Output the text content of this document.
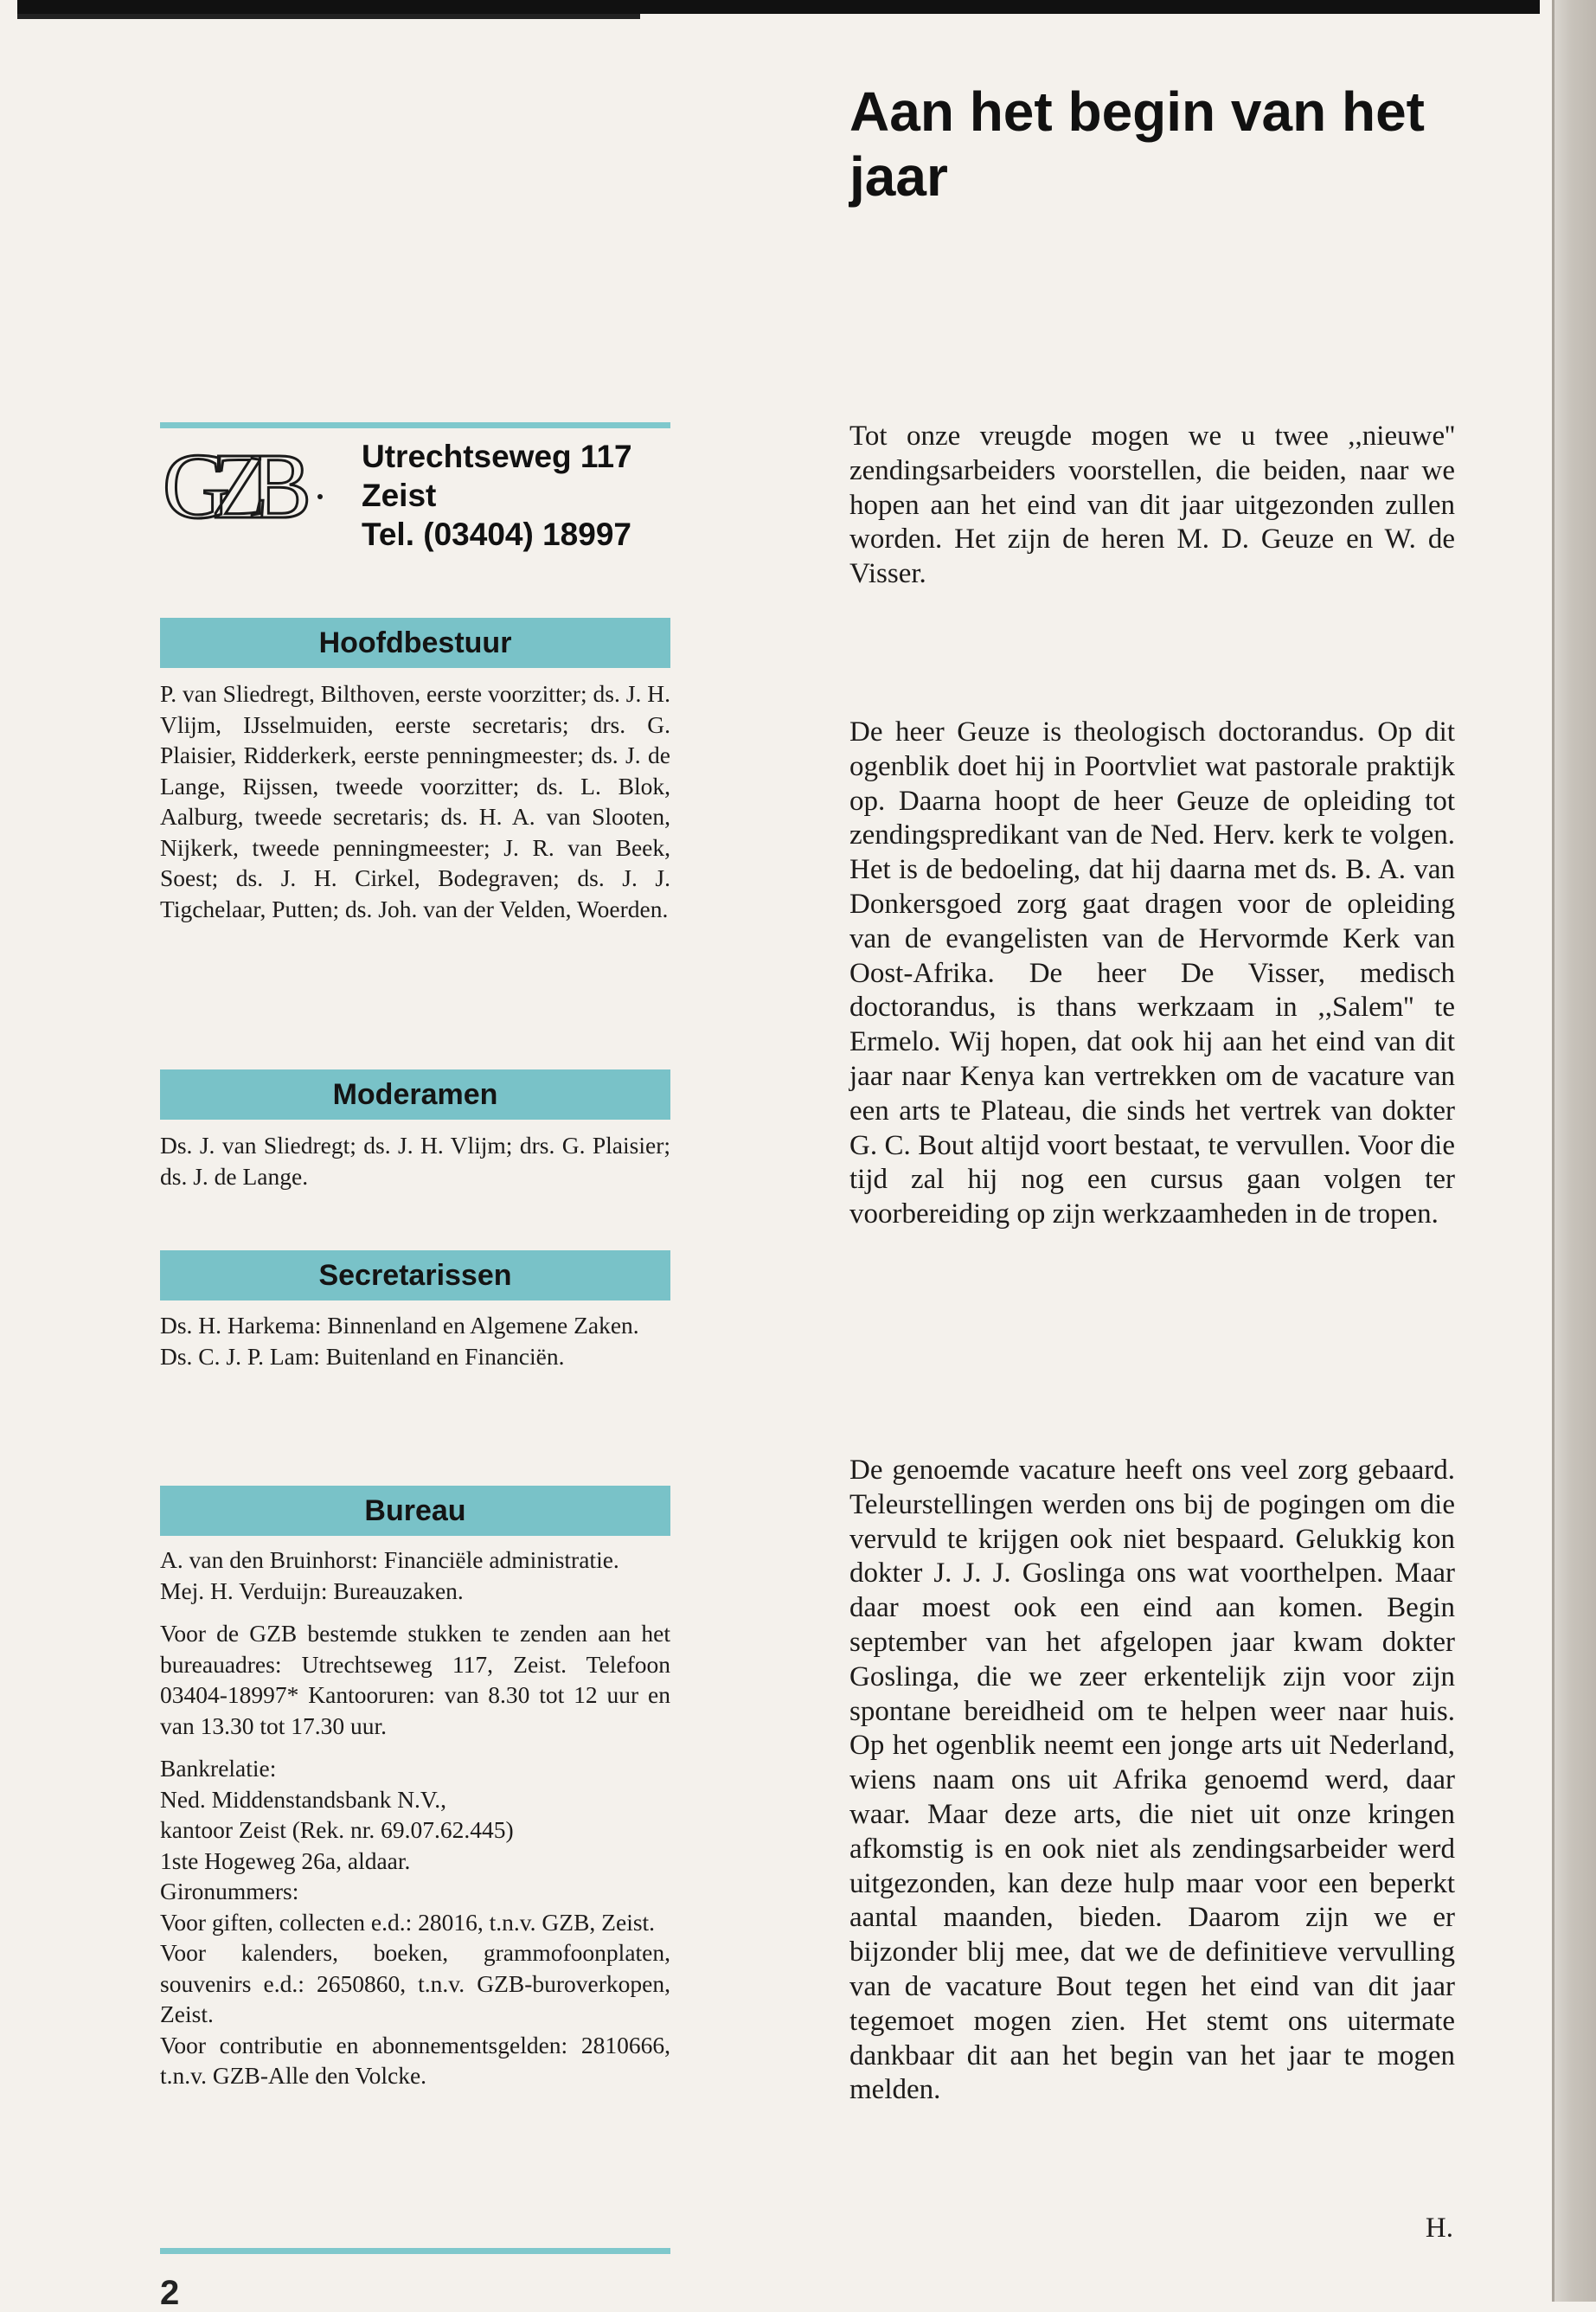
Aan het begin van het jaar
GZB	Utrechtseweg 117
Zeist
Tel. (03404) 18997
Hoofdbestuur

P. van Sliedregt, Bilthoven, eerste voorzitter; ds. J. H. Vlijm, IJsselmuiden, eerste secretaris; drs. G. Plaisier, Ridderkerk, eerste penningmeester; ds. J. de Lange, Rijssen, tweede voorzitter; ds. L. Blok, Aalburg, tweede secretaris; ds. H. A. van Slooten, Nijkerk, tweede penningmeester; J. R. van Beek, Soest; ds. J. H. Cirkel, Bodegraven; ds. J. J. Tigchelaar, Putten; ds. Joh. van der Velden, Woerden.

Moderamen

Ds. J. van Sliedregt; ds. J. H. Vlijm; drs. G. Plaisier; ds. J. de Lange.

Secretarissen

Ds. H. Harkema: Binnenland en Algemene Zaken.

Ds. C. J. P. Lam: Buitenland en Financiën.

Bureau

A. van den Bruinhorst: Financiële administratie.

Mej. H. Verduijn: Bureauzaken.

Voor de GZB bestemde stukken te zenden aan het bureauadres: Utrechtseweg 117, Zeist. Telefoon 03404-18997* Kantooruren: van 8.30 tot 12 uur en van 13.30 tot 17.30 uur.

Bankrelatie:

Ned. Middenstandsbank N.V.,

kantoor Zeist (Rek. nr. 69.07.62.445)

1ste Hogeweg 26a, aldaar.

Gironummers:

Voor giften, collecten e.d.: 28016, t.n.v. GZB, Zeist.

Voor kalenders, boeken, grammofoonplaten, souvenirs e.d.: 2650860, t.n.v. GZB-buroverkopen, Zeist.

Voor contributie en abonnementsgelden: 2810666, t.n.v. GZB-Alle den Volcke.

2

Tot onze vreugde mogen we u twee ,,nieuwe'' zendingsarbeiders voorstellen, die beiden, naar we hopen aan het eind van dit jaar uitgezonden zullen worden. Het zijn de heren M. D. Geuze en W. de Visser.

De heer Geuze is theologisch doctorandus. Op dit ogenblik doet hij in Poortvliet wat pastorale praktijk op. Daarna hoopt de heer Geuze de opleiding tot zendingspredikant van de Ned. Herv. kerk te volgen. Het is de bedoeling, dat hij daarna met ds. B. A. van Donkersgoed zorg gaat dragen voor de opleiding van de evangelisten van de Hervormde Kerk van Oost-Afrika. De heer De Visser, medisch doctorandus, is thans werkzaam in ,,Salem'' te Ermelo. Wij hopen, dat ook hij aan het eind van dit jaar naar Kenya kan vertrekken om de vacature van een arts te Plateau, die sinds het vertrek van dokter G. C. Bout altijd voort bestaat, te vervullen. Voor die tijd zal hij nog een cursus gaan volgen ter voorbereiding op zijn werkzaamheden in de tropen.

De genoemde vacature heeft ons veel zorg gebaard. Teleurstellingen werden ons bij de pogingen om die vervuld te krijgen ook niet bespaard. Gelukkig kon dokter J. J. J. Goslinga ons wat voorthelpen. Maar daar moest ook een eind aan komen. Begin september van het afgelopen jaar kwam dokter Goslinga, die we zeer erkentelijk zijn voor zijn spontane bereidheid om te helpen weer naar huis. Op het ogenblik neemt een jonge arts uit Nederland, wiens naam ons uit Afrika genoemd werd, daar waar. Maar deze arts, die niet uit onze kringen afkomstig is en ook niet als zendingsarbeider werd uitgezonden, kan deze hulp maar voor een beperkt aantal maanden, bieden. Daarom zijn we er bijzonder blij mee, dat we de definitieve vervulling van de vacature Bout tegen het eind van dit jaar tegemoet mogen zien. Het stemt ons uitermate dankbaar dit aan het begin van het jaar te mogen melden.

H.
